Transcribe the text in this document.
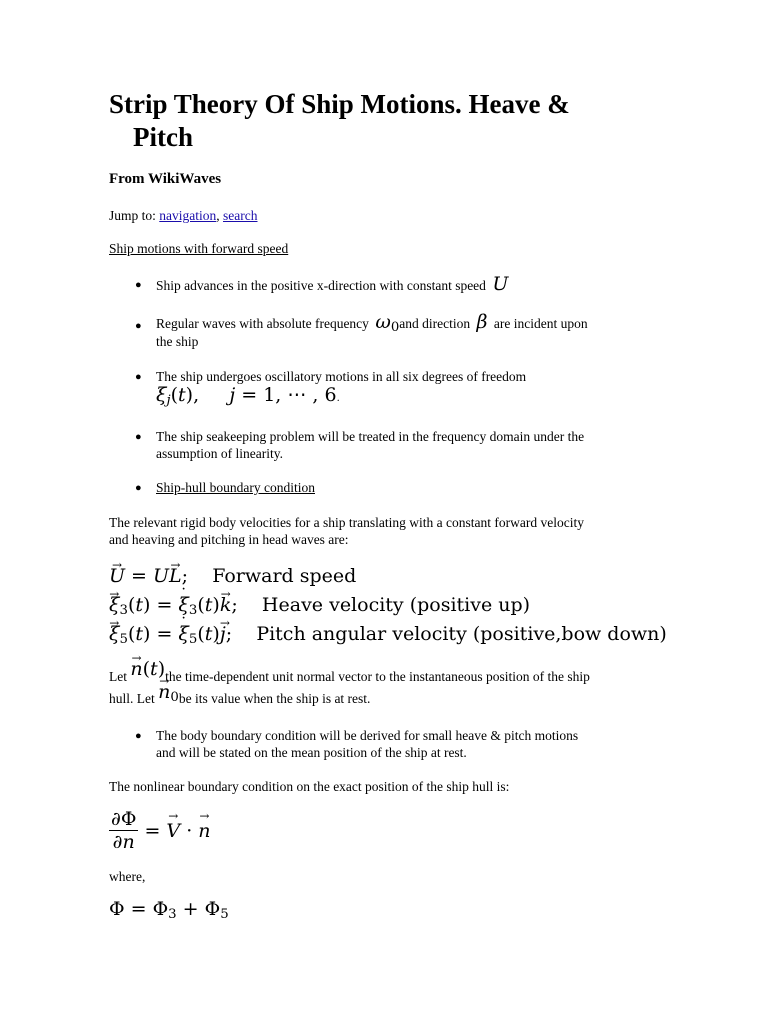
Strip Theory Of Ship Motions. Heave &
Pitch
From WikiWaves
Jump to: navigation, search
Ship motions with forward speed
● Ship advances in the positive x-direction with constant speed U
● Regular waves with absolute frequency $\omega_0and$ direction β are incident upon
the ship
● The ship undergoes oscillatory motions in all six degrees of freedom
$\xi_j(t)$,     j = 1, ⋯ , 6.
● The ship seakeeping problem will be treated in the frequency domain under the
assumption of linearity.
● Ship-hull boundary condition
The relevant rigid body velocities for a ship translating with a constant forward velocity
and heaving and pitching in head waves are:
→ U = U→ L;    Forward speed
→ $\xi_3(t)$ = ˙ $\xi_3(t)\to k$;    Heave velocity (positive up)
→ $\xi_5(t)$ = ˙ $\xi_5(t)\to j$;    Pitch angular velocity (positive,bow down)
Let → n(t)the time-dependent unit normal vector to the instantaneous position of the ship
hull. Let → $n_0be$ its value when the ship is at rest.
● The body boundary condition will be derived for small heave & pitch motions
and will be stated on the mean position of the ship at rest.
The nonlinear boundary condition on the exact position of the ship hull is:
$\frac{\partial\Phi}{\partial n}$ = → V · → n
where,
$\Phi = \Phi_3 + \Phi_5$
